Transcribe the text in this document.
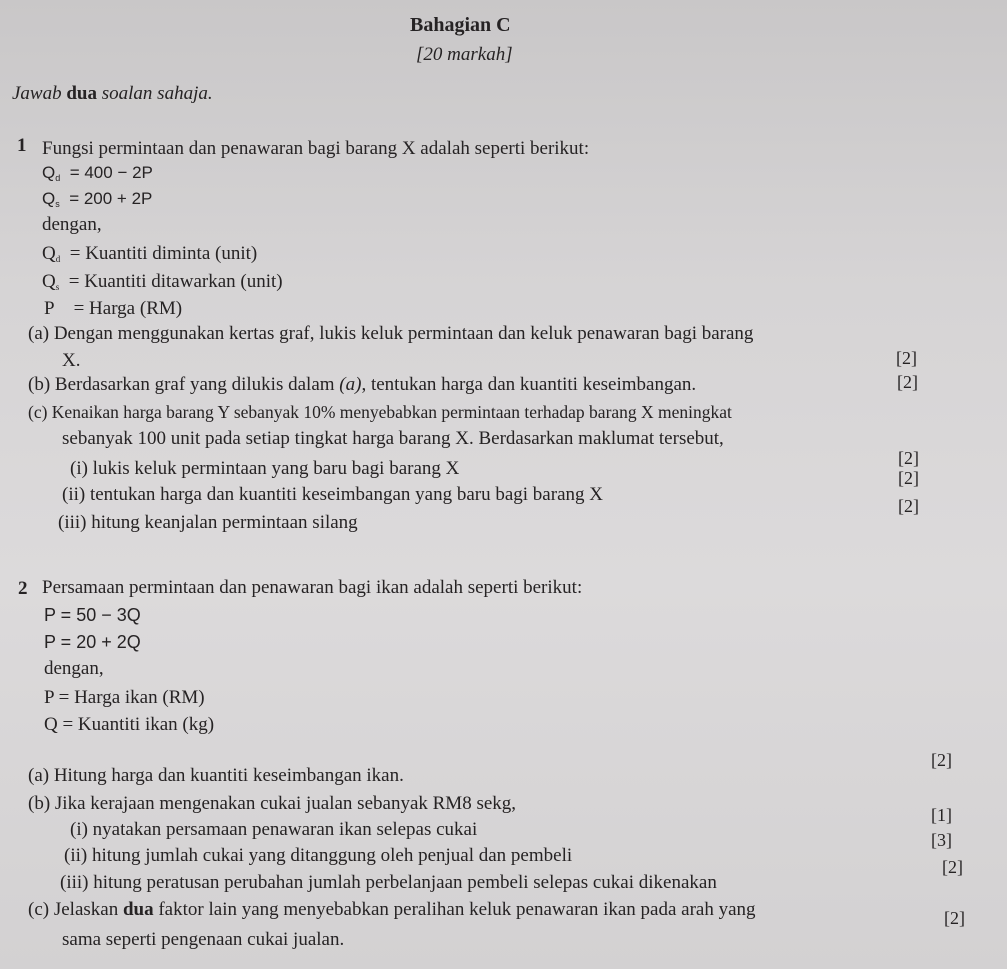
Bahagian C
[20 markah]
Jawab dua soalan sahaja.
1 Fungsi permintaan dan penawaran bagi barang X adalah seperti berikut:
$Q_d = 400 - 2P$
$Q_s = 200 + 2P$
dengan,
$Q_d$ = Kuantiti diminta (unit)
$Q_s$ = Kuantiti ditawarkan (unit)
P = Harga (RM)
(a) Dengan menggunakan kertas graf, lukis keluk permintaan dan keluk penawaran bagi barang
X.	[2]
(b) Berdasarkan graf yang dilukis dalam (a), tentukan harga dan kuantiti keseimbangan.	[2]
(c) Kenaikan harga barang Y sebanyak 10% menyebabkan permintaan terhadap barang X meningkat
sebanyak 100 unit pada setiap tingkat harga barang X. Berdasarkan maklumat tersebut,
(i) lukis keluk permintaan yang baru bagi barang X	[2]
(ii) tentukan harga dan kuantiti keseimbangan yang baru bagi barang X
[2]
(iii) hitung keanjalan permintaan silang
[2]
2 Persamaan permintaan dan penawaran bagi ikan adalah seperti berikut:
P = 50 − 3Q
P = 20 + 2Q
dengan,
P = Harga ikan (RM)
Q = Kuantiti ikan (kg)
(a) Hitung harga dan kuantiti keseimbangan ikan.
[2]
(b) Jika kerajaan mengenakan cukai jualan sebanyak RM8 sekg,
(i) nyatakan persamaan penawaran ikan selepas cukai
[1]
(ii) hitung jumlah cukai yang ditanggung oleh penjual dan pembeli
[3]
(iii) hitung peratusan perubahan jumlah perbelanjaan pembeli selepas cukai dikenakan
[2]
(c) Jelaskan dua faktor lain yang menyebabkan peralihan keluk penawaran ikan pada arah yang
sama seperti pengenaan cukai jualan.
[2]
